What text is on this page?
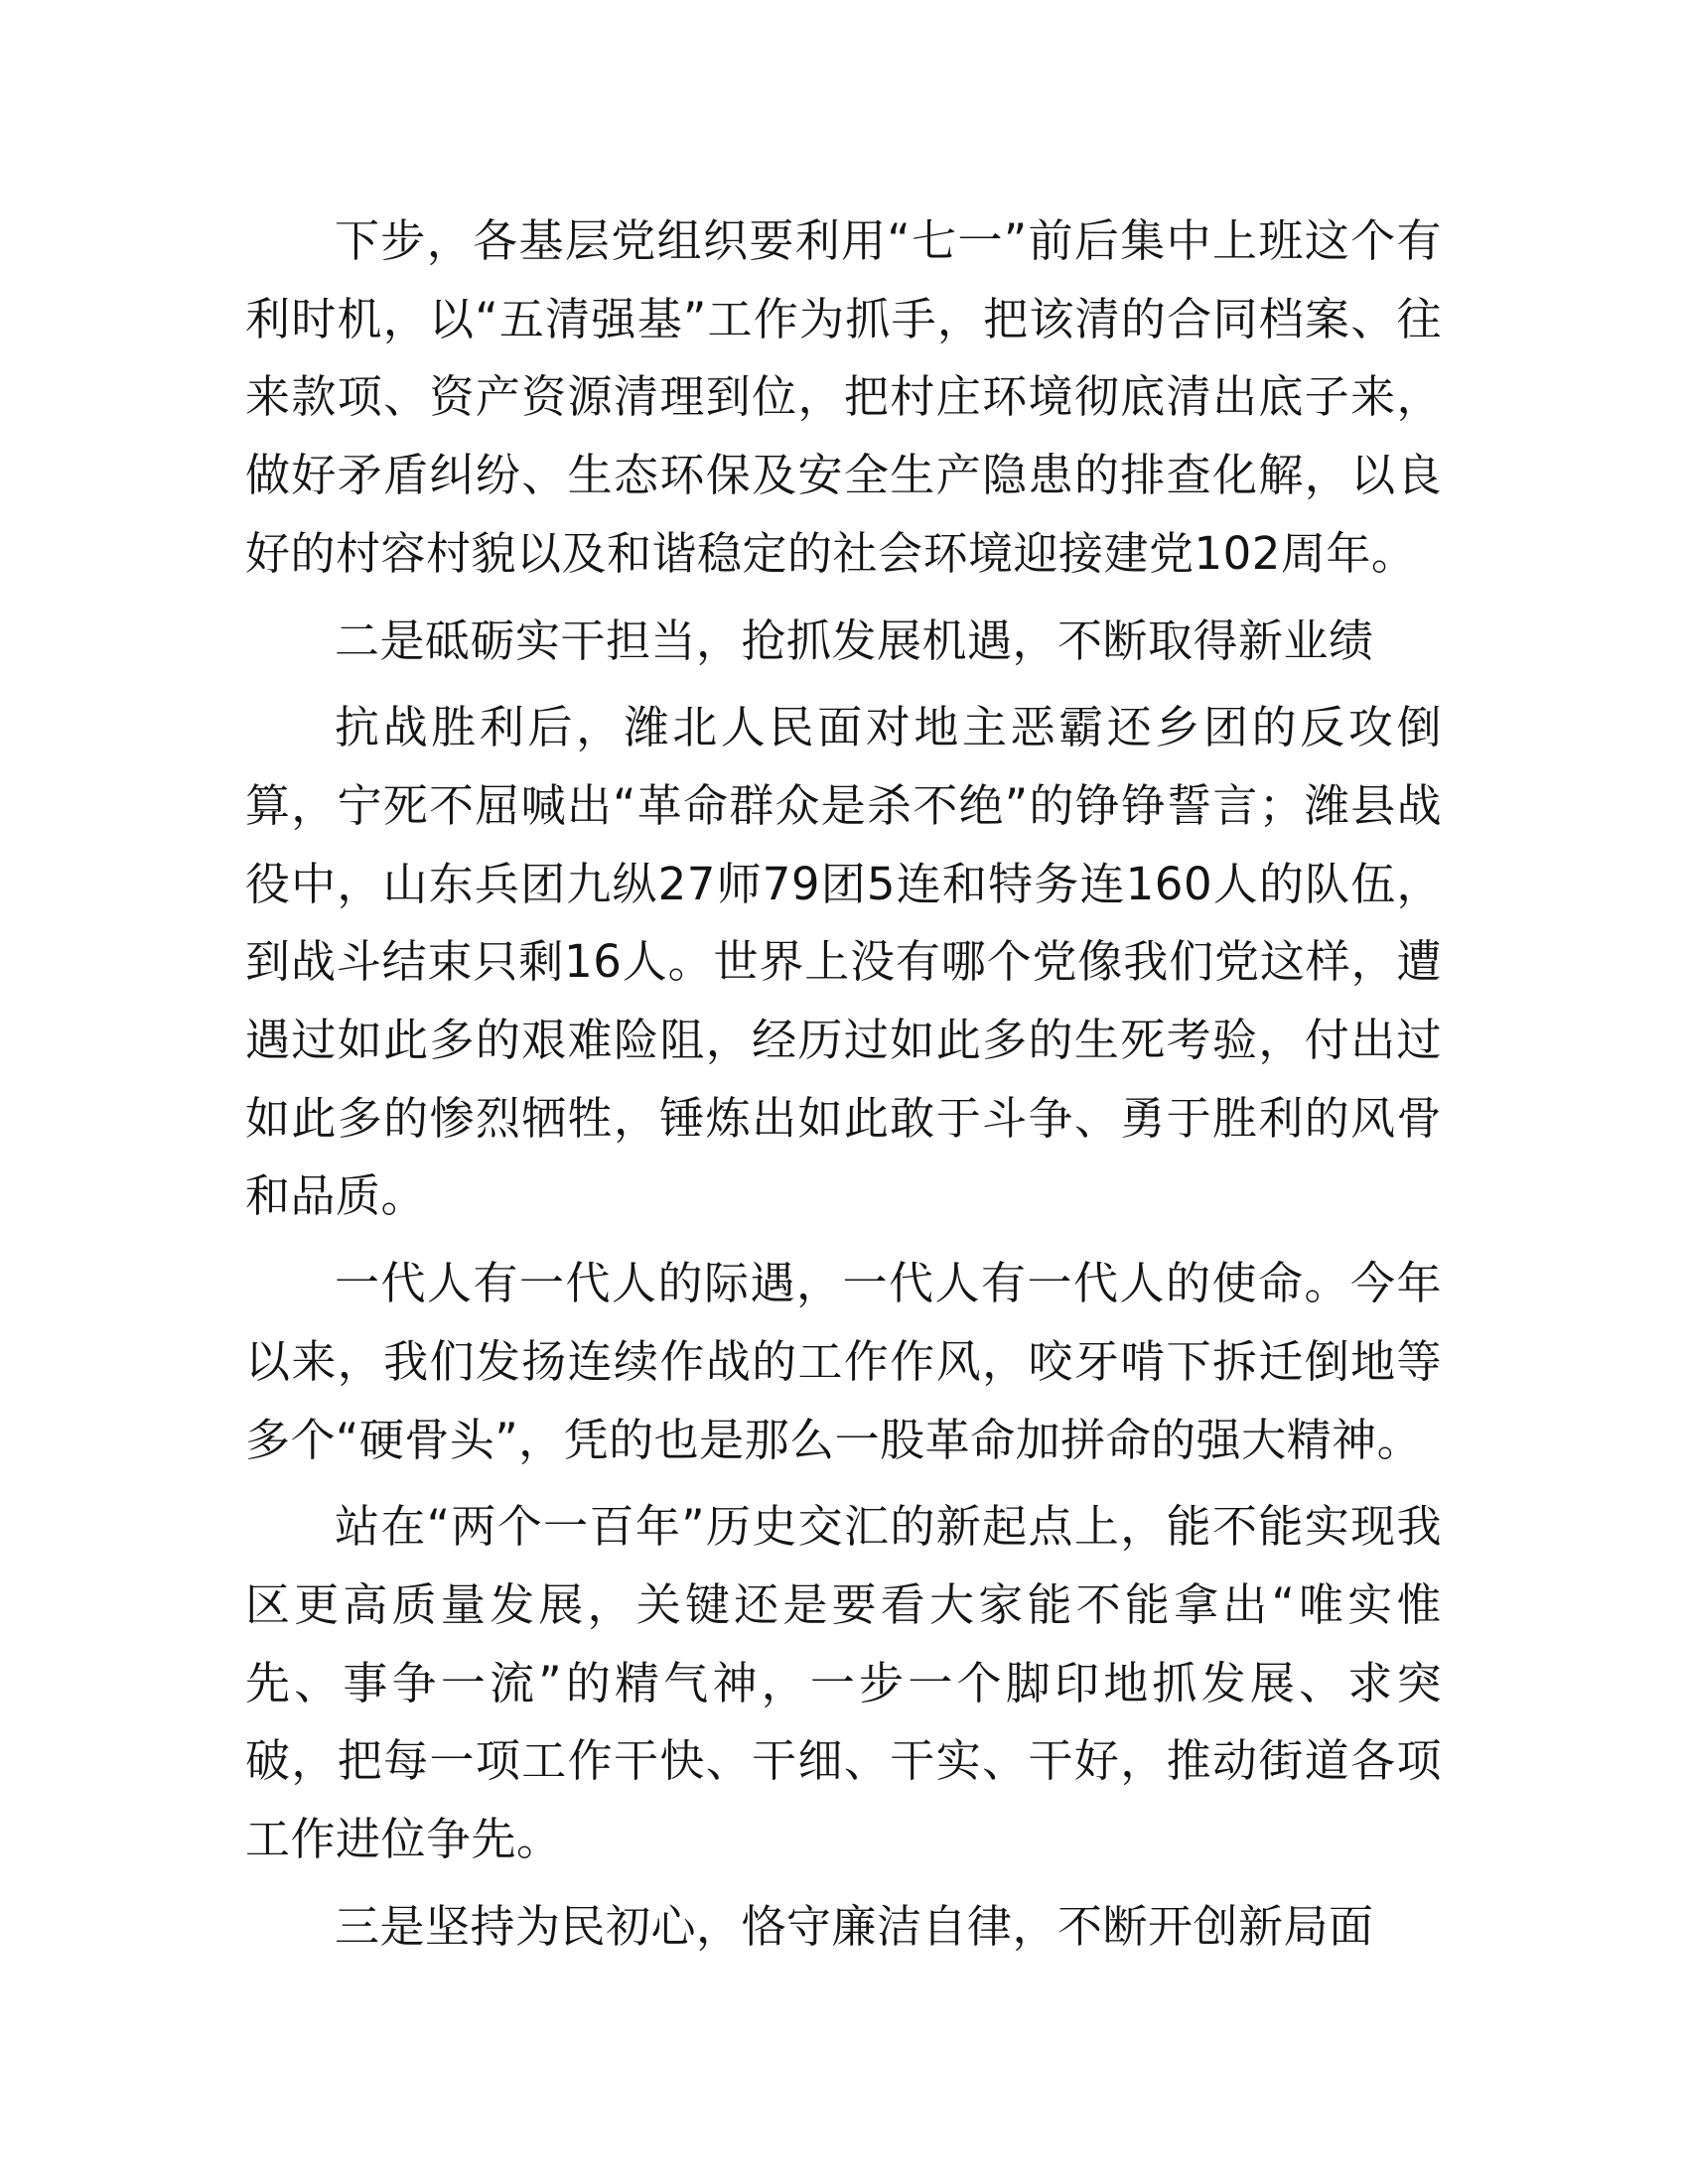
下步，各基层党组织要利用“七一”前后集中上班这个有利时机，以“五清强基”工作为抓手，把该清的合同档案、往来款项、资产资源清理到位，把村庄环境彻底清出底子来，做好矛盾纠纷、生态环保及安全生产隐患的排查化解，以良好的村容村貌以及和谐稳定的社会环境迎接建党102周年。

二是砥砺实干担当，抢抓发展机遇，不断取得新业绩

抗战胜利后，潍北人民面对地主恶霸还乡团的反攻倒算，宁死不屈喊出“革命群众是杀不绝”的铮铮誓言；潍县战役中，山东兵团九纵27师79团5连和特务连160人的队伍，到战斗结束只剩16人。世界上没有哪个党像我们党这样，遭遇过如此多的艰难险阻，经历过如此多的生死考验，付出过如此多的惨烈牺牲，锤炼出如此敢于斗争、勇于胜利的风骨和品质。

一代人有一代人的际遇，一代人有一代人的使命。今年以来，我们发扬连续作战的工作作风，咬牙啃下拆迁倒地等多个“硬骨头”，凭的也是那么一股革命加拼命的强大精神。

站在“两个一百年”历史交汇的新起点上，能不能实现我区更高质量发展，关键还是要看大家能不能拿出“唯实惟先、事争一流”的精气神，一步一个脚印地抓发展、求突破，把每一项工作干快、干细、干实、干好，推动街道各项工作进位争先。

三是坚持为民初心，恪守廉洁自律，不断开创新局面
